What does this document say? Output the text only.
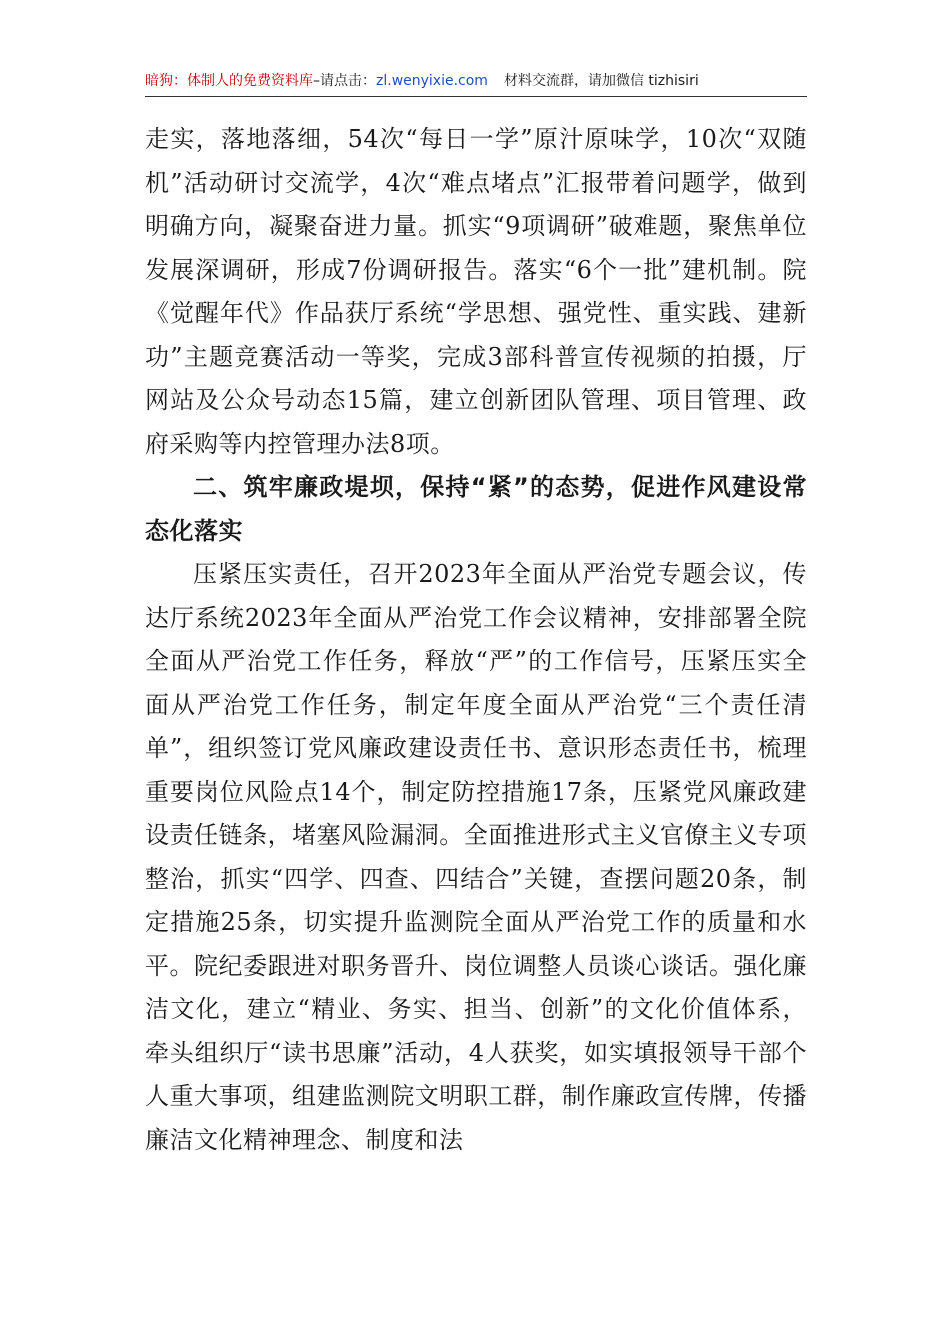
暗狗：体制人的免费资料库–请点击：zl.wenyixie.com 材料交流群，请加微信 tizhisiri

走实，落地落细，54次“每日一学”原汁原味学，10次“双随机”活动研讨交流学，4次“难点堵点”汇报带着问题学，做到明确方向，凝聚奋进力量。抓实“9项调研”破难题，聚焦单位发展深调研，形成7份调研报告。落实“6个一批”建机制。院《觉醒年代》作品获厅系统“学思想、强党性、重实践、建新功”主题竞赛活动一等奖，完成3部科普宣传视频的拍摄，厅网站及公众号动态15篇，建立创新团队管理、项目管理、政府采购等内控管理办法8项。

二、筑牢廉政堤坝，保持“紧”的态势，促进作风建设常态化落实

压紧压实责任，召开2023年全面从严治党专题会议，传达厅系统2023年全面从严治党工作会议精神，安排部署全院全面从严治党工作任务，释放“严”的工作信号，压紧压实全面从严治党工作任务，制定年度全面从严治党“三个责任清单”，组织签订党风廉政建设责任书、意识形态责任书，梳理重要岗位风险点14个，制定防控措施17条，压紧党风廉政建设责任链条，堵塞风险漏洞。全面推进形式主义官僚主义专项整治，抓实“四学、四查、四结合”关键，查摆问题20条，制定措施25条，切实提升监测院全面从严治党工作的质量和水平。院纪委跟进对职务晋升、岗位调整人员谈心谈话。强化廉洁文化，建立“精业、务实、担当、创新”的文化价值体系，牵头组织厅“读书思廉”活动，4人获奖，如实填报领导干部个人重大事项，组建监测院文明职工群，制作廉政宣传牌，传播廉洁文化精神理念、制度和法
